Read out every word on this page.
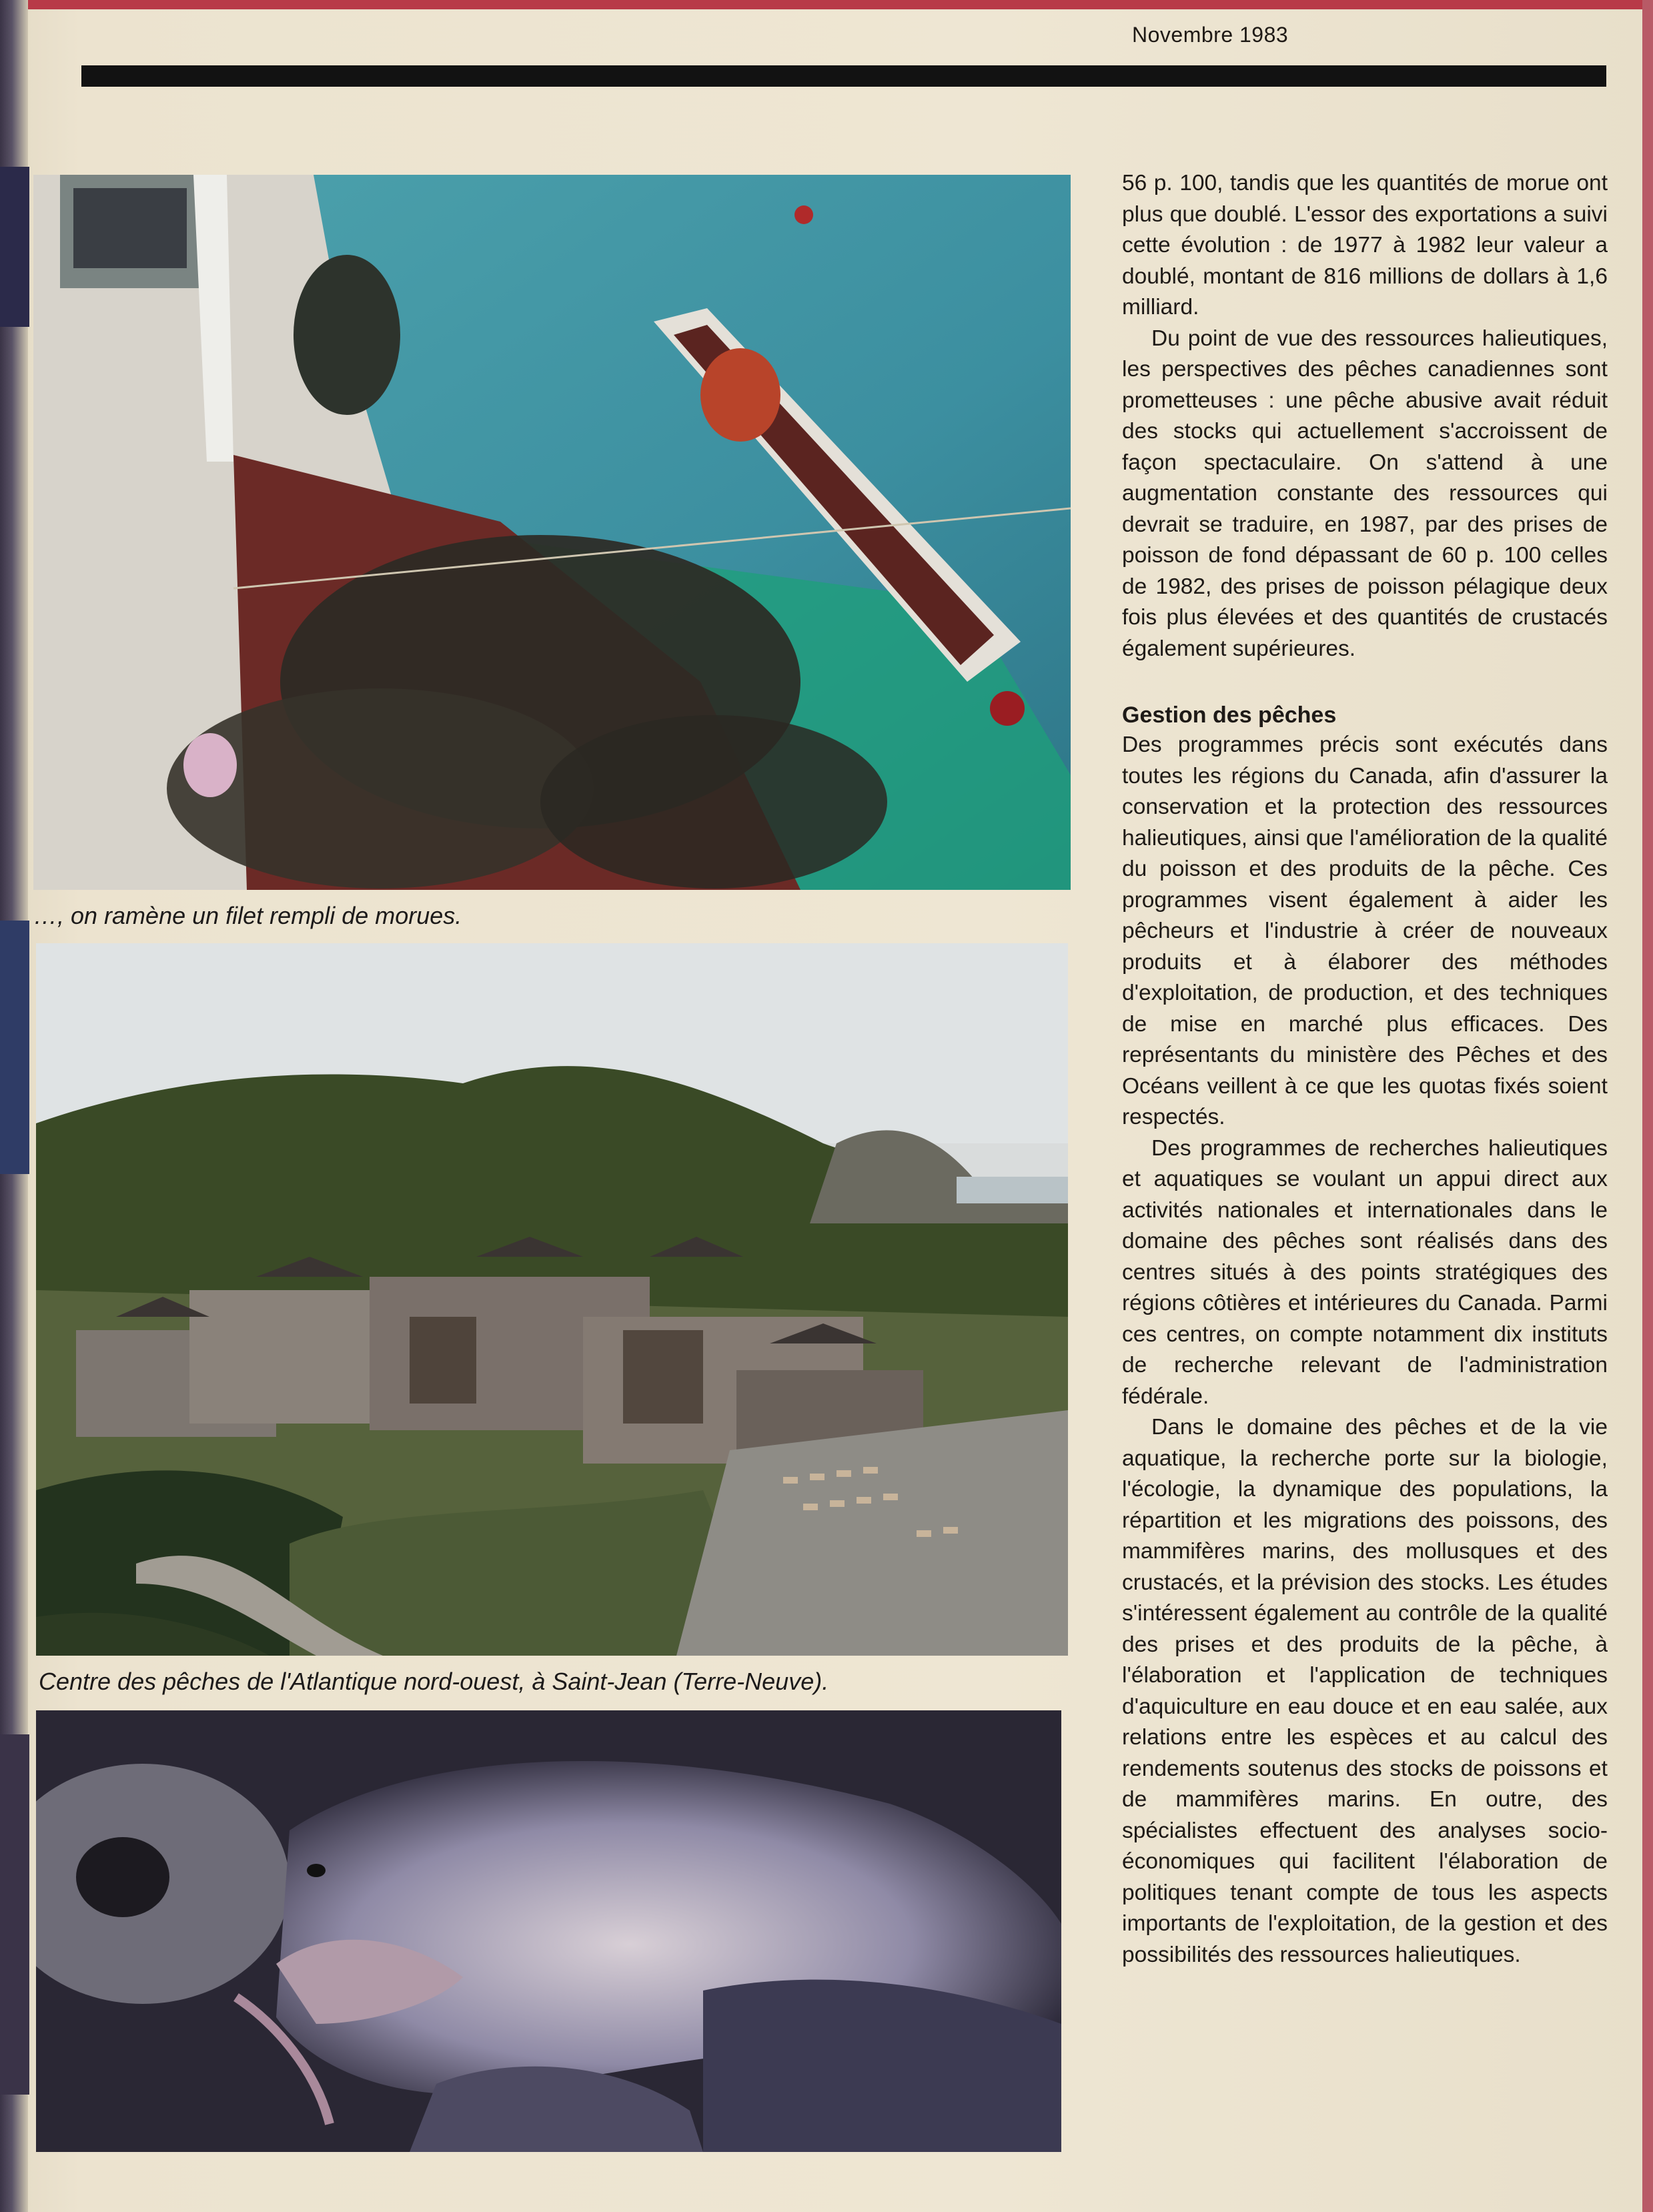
Novembre 1983
…, on ramène un filet rempli de morues.
Centre des pêches de l'Atlantique nord-ouest, à Saint-Jean (Terre-Neuve).

56 p. 100, tandis que les quantités de morue ont plus que doublé. L'essor des exportations a suivi cette évolution : de 1977 à 1982 leur valeur a doublé, montant de 816 millions de dollars à 1,6 milliard.

Du point de vue des ressources halieutiques, les perspectives des pêches canadiennes sont prometteuses : une pêche abusive avait réduit des stocks qui actuellement s'accroissent de façon spectaculaire. On s'attend à une augmentation constante des ressources qui devrait se traduire, en 1987, par des prises de poisson de fond dépassant de 60 p. 100 celles de 1982, des prises de poisson pélagique deux fois plus élevées et des quantités de crustacés également supérieures.

Gestion des pêches

Des programmes précis sont exécutés dans toutes les régions du Canada, afin d'assurer la conservation et la protection des ressources halieutiques, ainsi que l'amélioration de la qualité du poisson et des produits de la pêche. Ces programmes visent également à aider les pêcheurs et l'industrie à créer de nouveaux produits et à élaborer des méthodes d'exploitation, de production, et des techniques de mise en marché plus efficaces. Des représentants du ministère des Pêches et des Océans veillent à ce que les quotas fixés soient respectés.

Des programmes de recherches halieutiques et aquatiques se voulant un appui direct aux activités nationales et internationales dans le domaine des pêches sont réalisés dans des centres situés à des points stratégiques des régions côtières et intérieures du Canada. Parmi ces centres, on compte notamment dix instituts de recherche relevant de l'administration fédérale.

Dans le domaine des pêches et de la vie aquatique, la recherche porte sur la biologie, l'écologie, la dynamique des populations, la répartition et les migrations des poissons, des mammifères marins, des mollusques et des crustacés, et la prévision des stocks. Les études s'intéressent également au contrôle de la qualité des prises et des produits de la pêche, à l'élaboration et l'application de techniques d'aquiculture en eau douce et en eau salée, aux relations entre les espèces et au calcul des rendements soutenus des stocks de poissons et de mammifères marins. En outre, des spécialistes effectuent des analyses socio-économiques qui facilitent l'élaboration de politiques tenant compte de tous les aspects importants de l'exploitation, de la gestion et des possibilités des ressources halieutiques.
